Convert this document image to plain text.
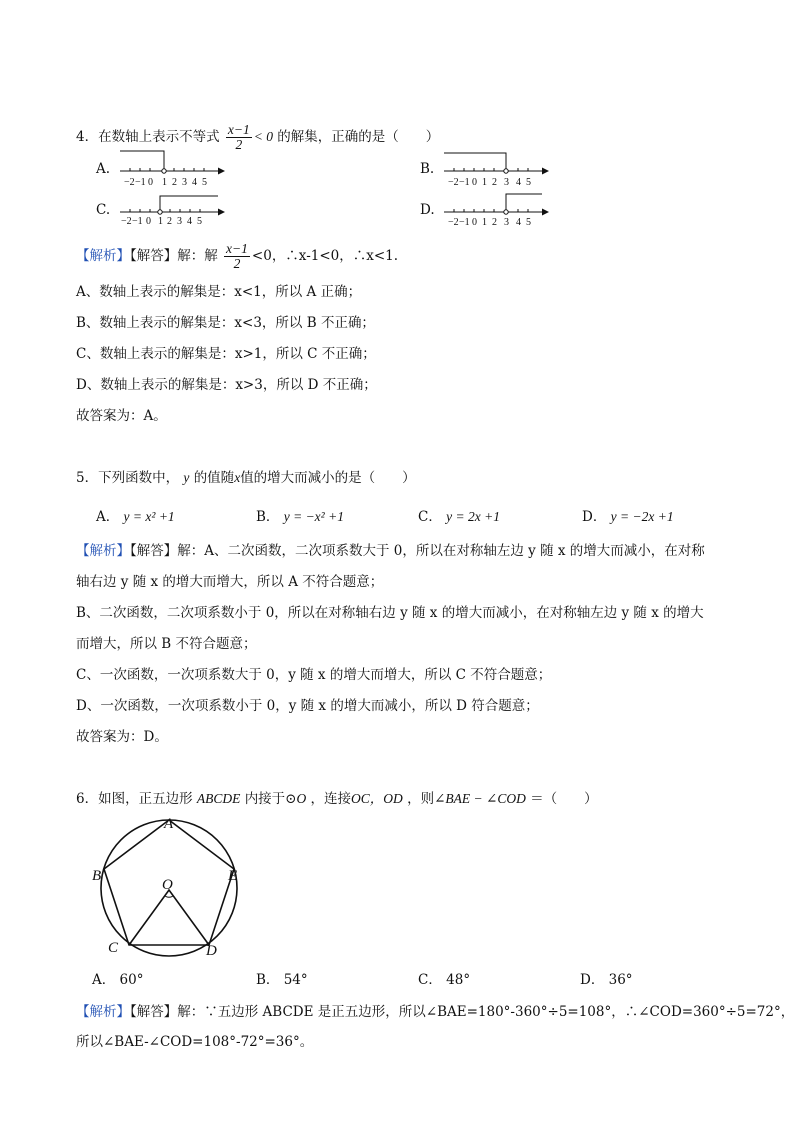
4．在数轴上表示不等式 $\frac{x-1}{2} < 0$ 的解集，正确的是（　　）
A.	B.
C.	D.
−2 −1 0 1 2 3 4 5	−2 −1 0 1 2 3 4 5
−2 −1 0 1 2 3 4 5	−2 −1 0 1 2 3 4 5
【解析】【解答】解：解 $\frac{x-1}{2} <0$，∴x-1<0，∴x<1.
A、数轴上表示的解集是：x<1，所以 A 正确；
B、数轴上表示的解集是：x<3，所以 B 不正确；
C、数轴上表示的解集是：x>1，所以 C 不正确；
D、数轴上表示的解集是：x>3，所以 D 不正确；
故答案为：A。
5．下列函数中， y 的值随x值的增大而减小的是（　　）
A． y = x² +1	B． y = −x² +1	C． y = 2x +1	D． y = −2x +1
【解析】【解答】解：A、二次函数，二次项系数大于 0，所以在对称轴左边 y 随 x 的增大而减小，在对称
轴右边 y 随 x 的增大而增大，所以 A 不符合题意；
B、二次函数，二次项系数小于 0，所以在对称轴右边 y 随 x 的增大而减小，在对称轴左边 y 随 x 的增大
而增大，所以 B 不符合题意；
C、一次函数，一次项系数大于 0，y 随 x 的增大而增大，所以 C 不符合题意；
D、一次函数，一次项系数小于 0，y 随 x 的增大而减小，所以 D 符合题意；
故答案为：D。
6．如图，正五边形 ABCDE 内接于⊙O ，连接OC，OD ，则∠BAE − ∠COD ＝（　　）
A
B	E
O
C	D
A． 60°	B． 54°	C． 48°	D． 36°
【解析】【解答】解：∵五边形 ABCDE 是正五边形，所以∠BAE=180°-360°÷5=108°，∴∠COD=360°÷5=72°，
所以∠BAE-∠COD=108°-72°=36°。
